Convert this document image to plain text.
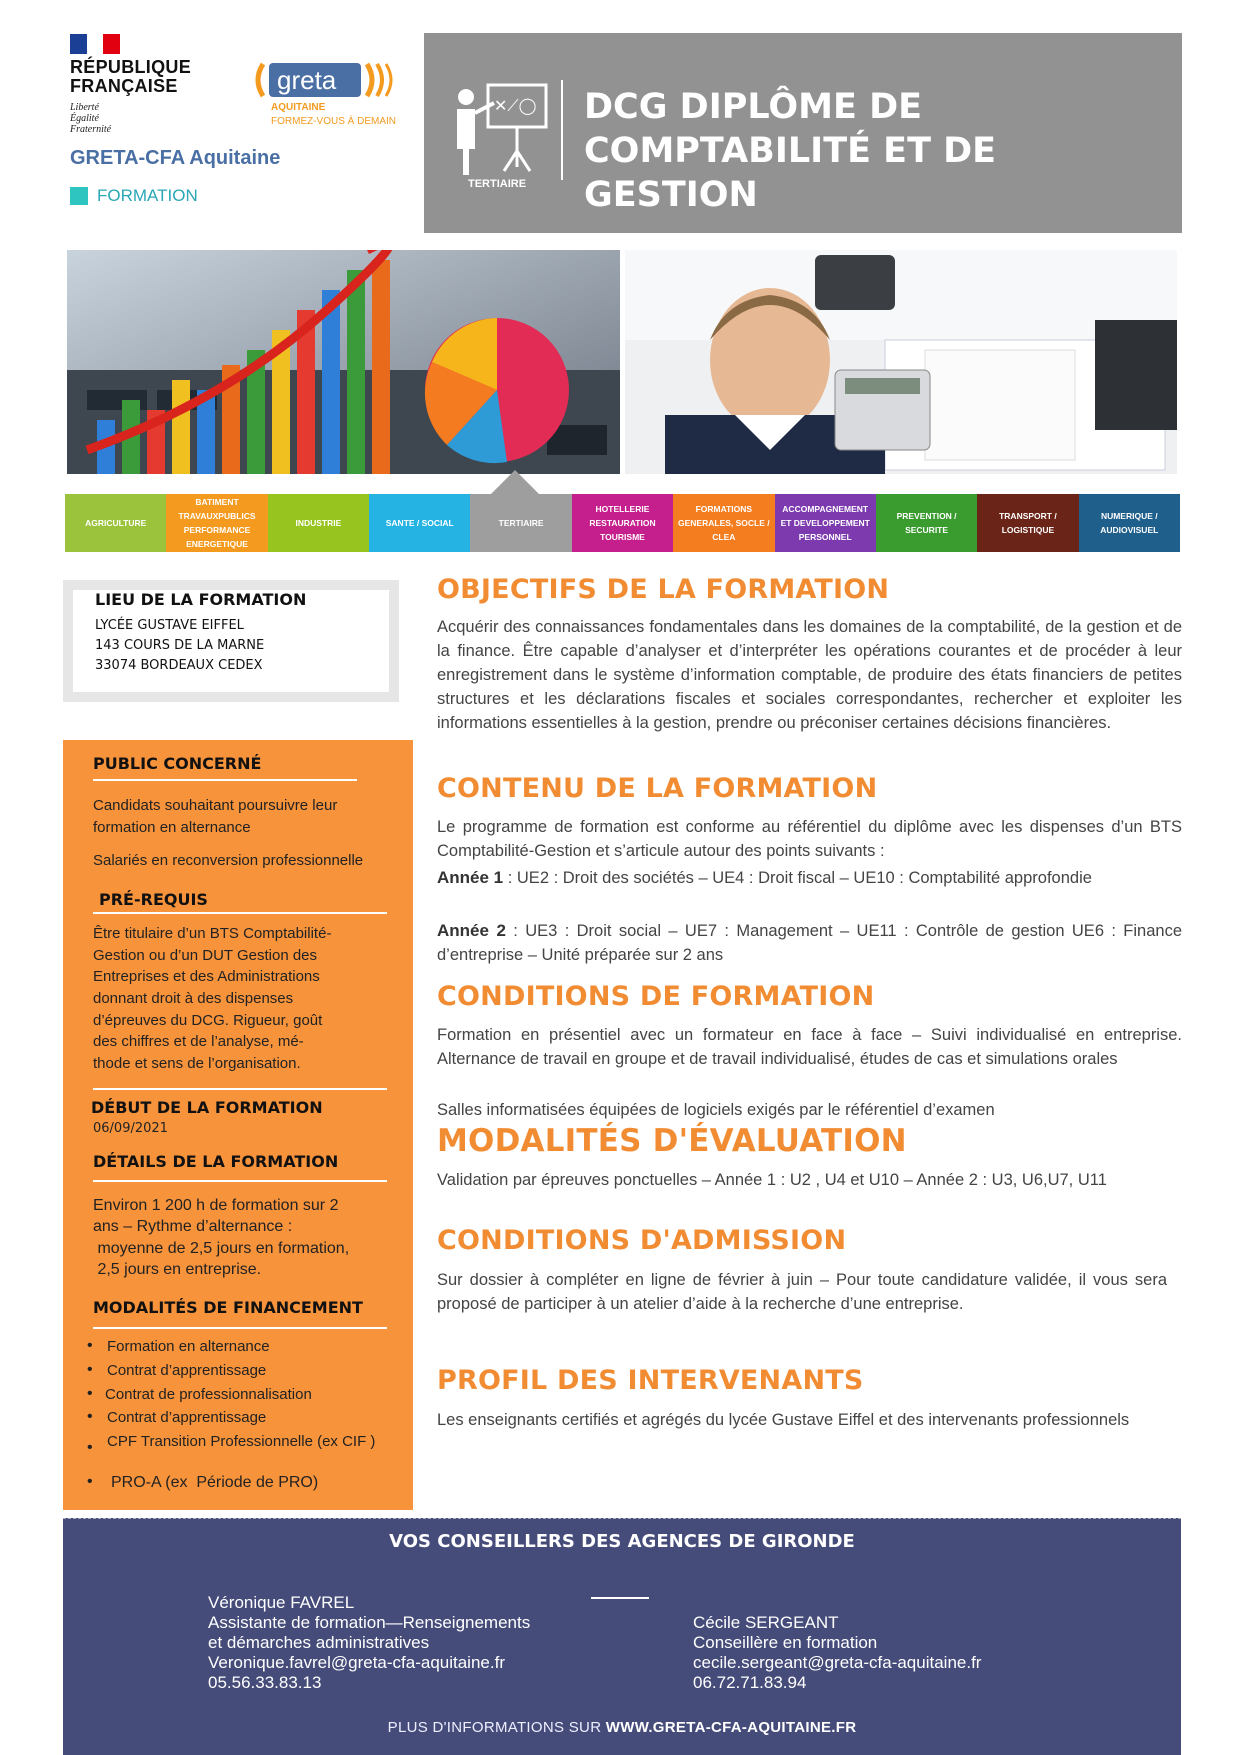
RÉPUBLIQUE
FRANÇAISE
Liberté
Égalité
Fraternité
greta
AQUITAINE
FORMEZ-VOUS À DEMAIN
GRETA-CFA Aquitaine
FORMATION
✕⟋◯
TERTIAIRE
DCG DIPLÔME DE COMPTABILITÉ ET DE GESTION
AGRICULTURE
BATIMENT TRAVAUXPUBLICS PERFORMANCE ENERGETIQUE
INDUSTRIE	SANTE / SOCIAL	TERTIAIRE
HOTELLERIE RESTAURATION TOURISME
FORMATIONS GENERALES, SOCLE / CLEA
ACCOMPAGNEMENT ET DEVELOPPEMENT PERSONNEL
PREVENTION / SECURITE
TRANSPORT / LOGISTIQUE
NUMERIQUE / AUDIOVISUEL
LIEU DE LA FORMATION
LYCÉE GUSTAVE EIFFEL
143 COURS DE LA MARNE
33074 BORDEAUX CEDEX
PUBLIC CONCERNÉ
Candidats souhaitant poursuivre leur
formation en alternance
Salariés en reconversion professionnelle
PRÉ-REQUIS
Être titulaire d’un BTS Comptabilité-
Gestion ou d’un DUT Gestion des
Entreprises et des Administrations
donnant droit à des dispenses
d’épreuves du DCG. Rigueur, goût
des chiffres et de l’analyse, mé-
thode et sens de l’organisation.
DÉBUT DE LA FORMATION
06/09/2021
DÉTAILS DE LA FORMATION
Environ 1 200 h de formation sur 2
ans – Rythme d’alternance :
moyenne de 2,5 jours en formation,
2,5 jours en entreprise.
MODALITÉS DE FINANCEMENT
• Formation en alternance
• Contrat d’apprentissage
• Contrat de professionnalisation
• Contrat d’apprentissage
• CPF Transition Professionnelle (ex CIF )
• PRO-A (ex  Période de PRO)
OBJECTIFS DE LA FORMATION
Acquérir des connaissances fondamentales dans les domaines de la comptabilité, de la gestion et de la finance. Être capable d’analyser et d’interpréter les opérations courantes et de procéder à leur enregistrement dans le système d’information comptable, de produire des états financiers de petites structures et les déclarations fiscales et sociales correspondantes, rechercher et exploiter les informations essentielles à la gestion, prendre ou préconiser certaines décisions financières.
CONTENU DE LA FORMATION
Le programme de formation est conforme au référentiel du diplôme avec les dispenses d’un BTS Comptabilité-Gestion et s’articule autour des points suivants :
Année 1 : UE2 : Droit des sociétés – UE4 : Droit fiscal – UE10 : Comptabilité approfondie
Année 2 : UE3 : Droit social – UE7 : Management – UE11 : Contrôle de gestion UE6 : Finance d’entreprise – Unité préparée sur 2 ans
CONDITIONS DE FORMATION
Formation en présentiel avec un formateur en face à face – Suivi individualisé en entreprise. Alternance de travail en groupe et de travail individualisé, études de cas et simulations orales
Salles informatisées équipées de logiciels exigés par le référentiel d’examen
MODALITÉS D'ÉVALUATION
Validation par épreuves ponctuelles – Année 1 : U2 , U4 et U10 – Année 2 : U3, U6,U7, U11
CONDITIONS D'ADMISSION
Sur dossier à compléter en ligne de février à juin – Pour toute candidature validée, il vous sera proposé de participer à un atelier d’aide à la recherche d’une entreprise.
PROFIL DES INTERVENANTS
Les enseignants certifiés et agrégés du lycée Gustave Eiffel et des intervenants professionnels
VOS CONSEILLERS DES AGENCES DE GIRONDE
Véronique FAVREL
Assistante de formation—Renseignements
et démarches administratives
Veronique.favrel@greta-cfa-aquitaine.fr
05.56.33.83.13
Cécile SERGEANT
Conseillère en formation
cecile.sergeant@greta-cfa-aquitaine.fr
06.72.71.83.94
PLUS D'INFORMATIONS SUR WWW.GRETA-CFA-AQUITAINE.FR
